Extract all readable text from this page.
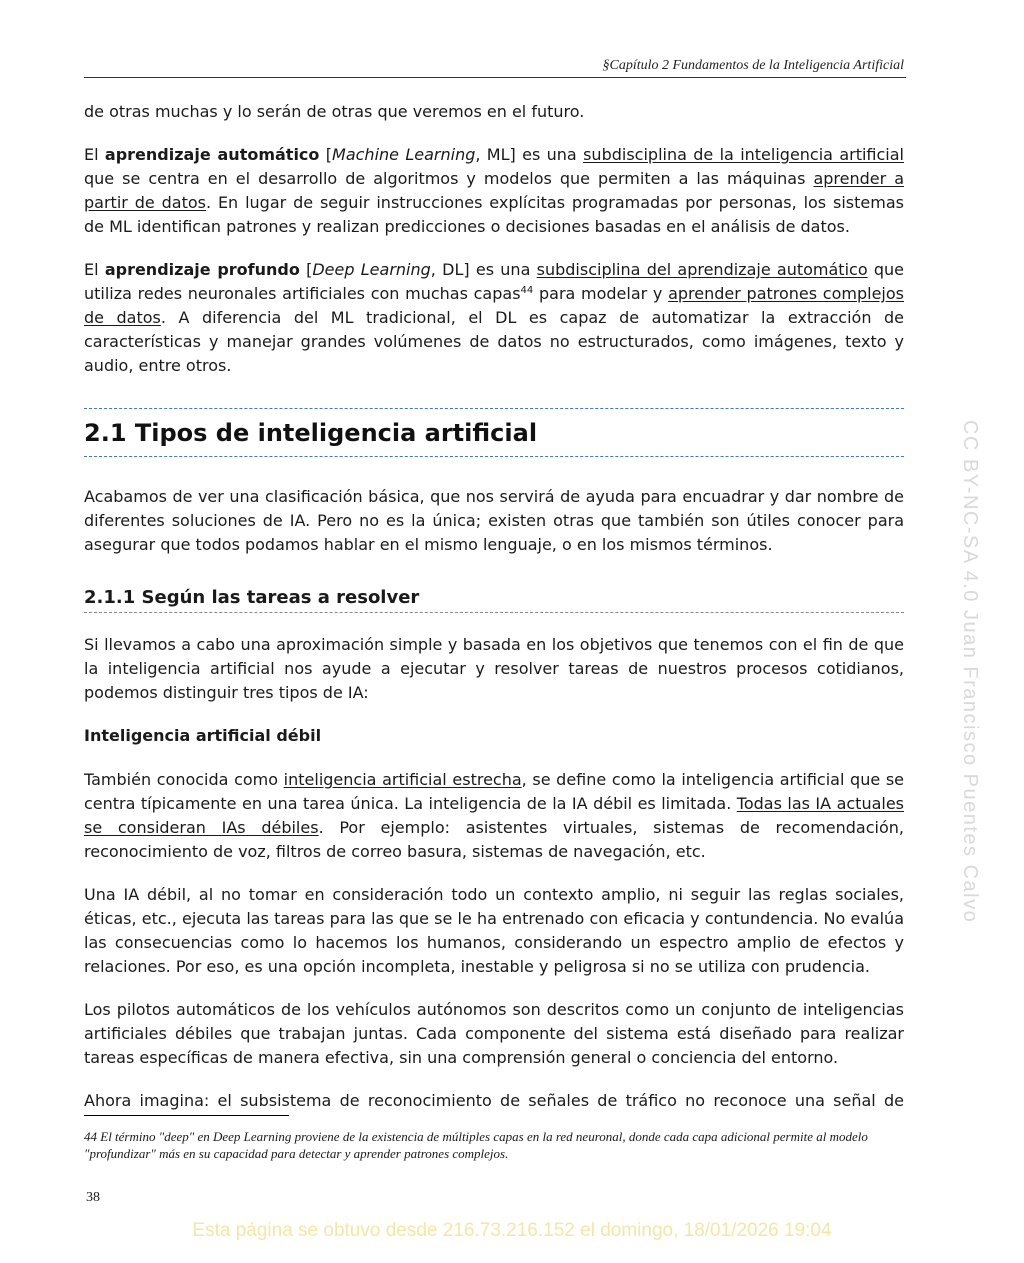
§Capítulo 2 Fundamentos de la Inteligencia Artificial

de otras muchas y lo serán de otras que veremos en el futuro.

El aprendizaje automático [Machine Learning, ML] es una subdisciplina de la inteligencia artificial que se centra en el desarrollo de algoritmos y modelos que permiten a las máquinas aprender a partir de datos. En lugar de seguir instrucciones explícitas programadas por personas, los sistemas de ML identifican patrones y realizan predicciones o decisiones basadas en el análisis de datos.

El aprendizaje profundo [Deep Learning, DL] es una subdisciplina del aprendizaje automático que utiliza redes neuronales artificiales con muchas capas$^{44}$ para modelar y aprender patrones complejos de datos. A diferencia del ML tradicional, el DL es capaz de automatizar la extracción de características y manejar grandes volúmenes de datos no estructurados, como imágenes, texto y audio, entre otros.

2.1 Tipos de inteligencia artificial

Acabamos de ver una clasificación básica, que nos servirá de ayuda para encuadrar y dar nombre de diferentes soluciones de IA. Pero no es la única; existen otras que también son útiles conocer para asegurar que todos podamos hablar en el mismo lenguaje, o en los mismos términos.

2.1.1 Según las tareas a resolver

Si llevamos a cabo una aproximación simple y basada en los objetivos que tenemos con el fin de que la inteligencia artificial nos ayude a ejecutar y resolver tareas de nuestros procesos cotidianos, podemos distinguir tres tipos de IA:

Inteligencia artificial débil

También conocida como inteligencia artificial estrecha, se define como la inteligencia artificial que se centra típicamente en una tarea única. La inteligencia de la IA débil es limitada. Todas las IA actuales se consideran IAs débiles. Por ejemplo: asistentes virtuales, sistemas de recomendación, reconocimiento de voz, filtros de correo basura, sistemas de navegación, etc.

Una IA débil, al no tomar en consideración todo un contexto amplio, ni seguir las reglas sociales, éticas, etc., ejecuta las tareas para las que se le ha entrenado con eficacia y contundencia. No evalúa las consecuencias como lo hacemos los humanos, considerando un espectro amplio de efectos y relaciones. Por eso, es una opción incompleta, inestable y peligrosa si no se utiliza con prudencia.

Los pilotos automáticos de los vehículos autónomos son descritos como un conjunto de inteligencias artificiales débiles que trabajan juntas. Cada componente del sistema está diseñado para realizar tareas específicas de manera efectiva, sin una comprensión general o conciencia del entorno.

Ahora imagina: el subsistema de reconocimiento de señales de tráfico no reconoce una señal de

44 El término "deep" en Deep Learning proviene de la existencia de múltiples capas en la red neuronal, donde cada capa adicional permite al modelo "profundizar" más en su capacidad para detectar y aprender patrones complejos.
38
CC BY-NC-SA 4.0 Juan Francisco Puentes Calvo
Esta página se obtuvo desde 216.73.216.152 el domingo, 18/01/2026 19:04
